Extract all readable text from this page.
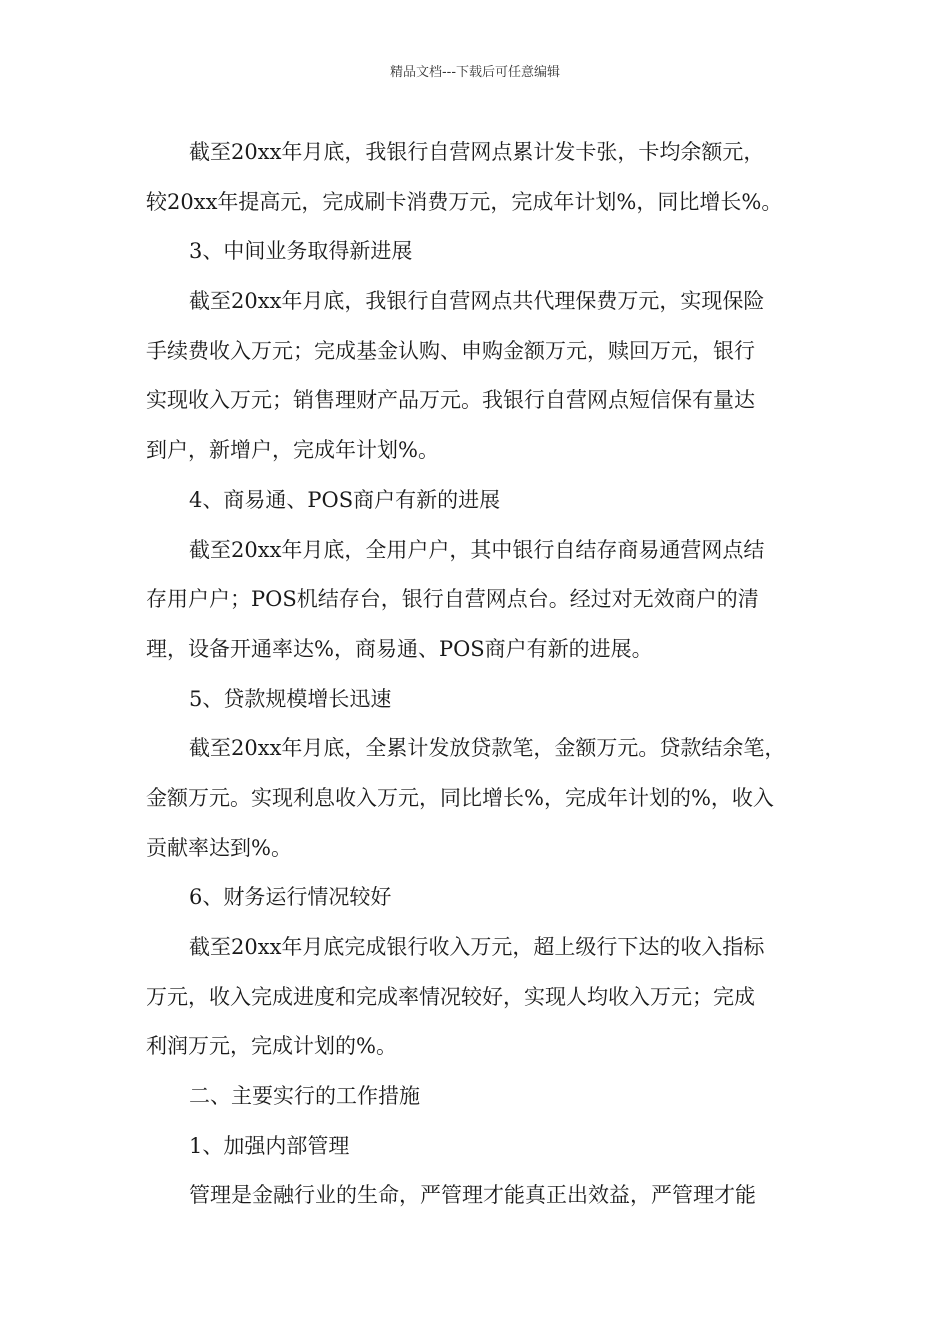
精品文档---下载后可任意编辑
截至20xx年月底，我银行自营网点累计发卡张，卡均余额元，
较20xx年提高元，完成刷卡消费万元，完成年计划%，同比增长%。
3、中间业务取得新进展
截至20xx年月底，我银行自营网点共代理保费万元，实现保险
手续费收入万元；完成基金认购、申购金额万元，赎回万元，银行
实现收入万元；销售理财产品万元。我银行自营网点短信保有量达
到户，新增户，完成年计划%。
4、商易通、POS商户有新的进展
截至20xx年月底，全用户户，其中银行自结存商易通营网点结
存用户户；POS机结存台，银行自营网点台。经过对无效商户的清
理，设备开通率达%，商易通、POS商户有新的进展。
5、贷款规模增长迅速
截至20xx年月底，全累计发放贷款笔，金额万元。贷款结余笔，
金额万元。实现利息收入万元，同比增长%，完成年计划的%，收入
贡献率达到%。
6、财务运行情况较好
截至20xx年月底完成银行收入万元，超上级行下达的收入指标
万元，收入完成进度和完成率情况较好，实现人均收入万元；完成
利润万元，完成计划的%。
二、主要实行的工作措施
1、加强内部管理
管理是金融行业的生命，严管理才能真正出效益，严管理才能
